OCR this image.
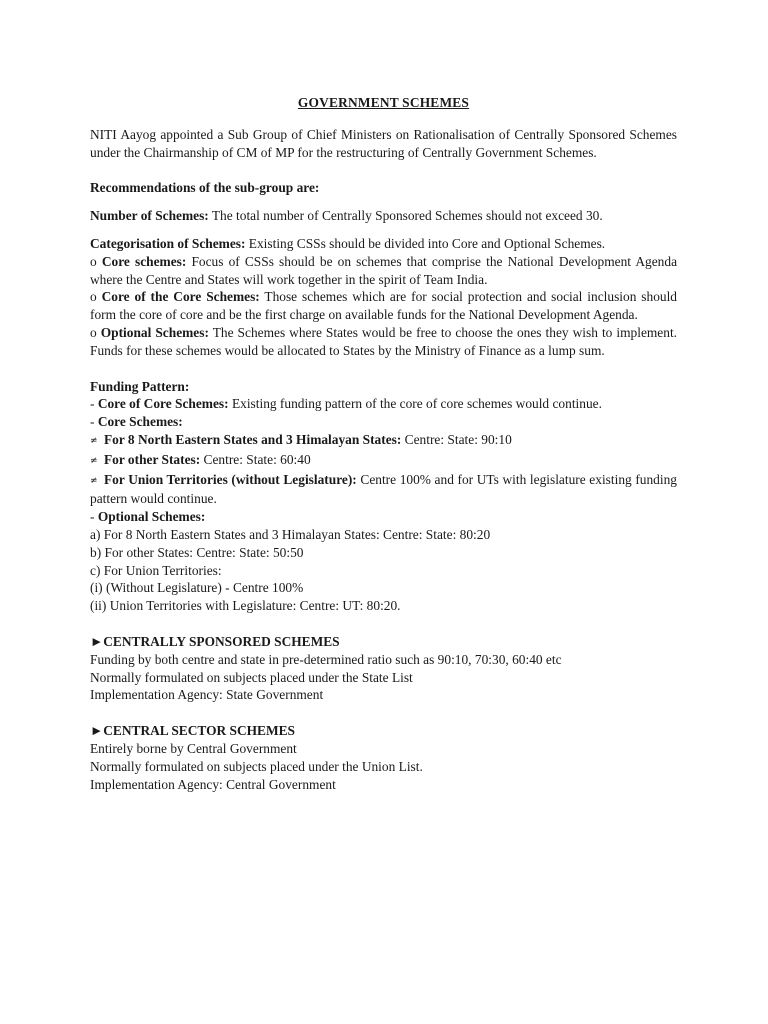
GOVERNMENT SCHEMES

NITI Aayog appointed a Sub Group of Chief Ministers on Rationalisation of Centrally Sponsored Schemes under the Chairmanship of CM of MP for the restructuring of Centrally Government Schemes.

Recommendations of the sub-group are:

Number of Schemes: The total number of Centrally Sponsored Schemes should not exceed 30.

Categorisation of Schemes: Existing CSSs should be divided into Core and Optional Schemes.

o Core schemes: Focus of CSSs should be on schemes that comprise the National Development Agenda where the Centre and States will work together in the spirit of Team India.

o Core of the Core Schemes: Those schemes which are for social protection and social inclusion should form the core of core and be the first charge on available funds for the National Development Agenda.

o Optional Schemes: The Schemes where States would be free to choose the ones they wish to implement. Funds for these schemes would be allocated to States by the Ministry of Finance as a lump sum.

Funding Pattern:

- Core of Core Schemes: Existing funding pattern of the core of core schemes would continue.

- Core Schemes:

≠ For 8 North Eastern States and 3 Himalayan States: Centre: State: 90:10

≠ For other States: Centre: State: 60:40

≠ For Union Territories (without Legislature): Centre 100% and for UTs with legislature existing funding pattern would continue.

- Optional Schemes:

a) For 8 North Eastern States and 3 Himalayan States: Centre: State: 80:20

b) For other States: Centre: State: 50:50

c) For Union Territories:

(i) (Without Legislature) - Centre 100%

(ii) Union Territories with Legislature: Centre: UT: 80:20.

►CENTRALLY SPONSORED SCHEMES

Funding by both centre and state in pre-determined ratio such as 90:10, 70:30, 60:40 etc

Normally formulated on subjects placed under the State List

Implementation Agency: State Government

►CENTRAL SECTOR SCHEMES

Entirely borne by Central Government

Normally formulated on subjects placed under the Union List.

Implementation Agency: Central Government
